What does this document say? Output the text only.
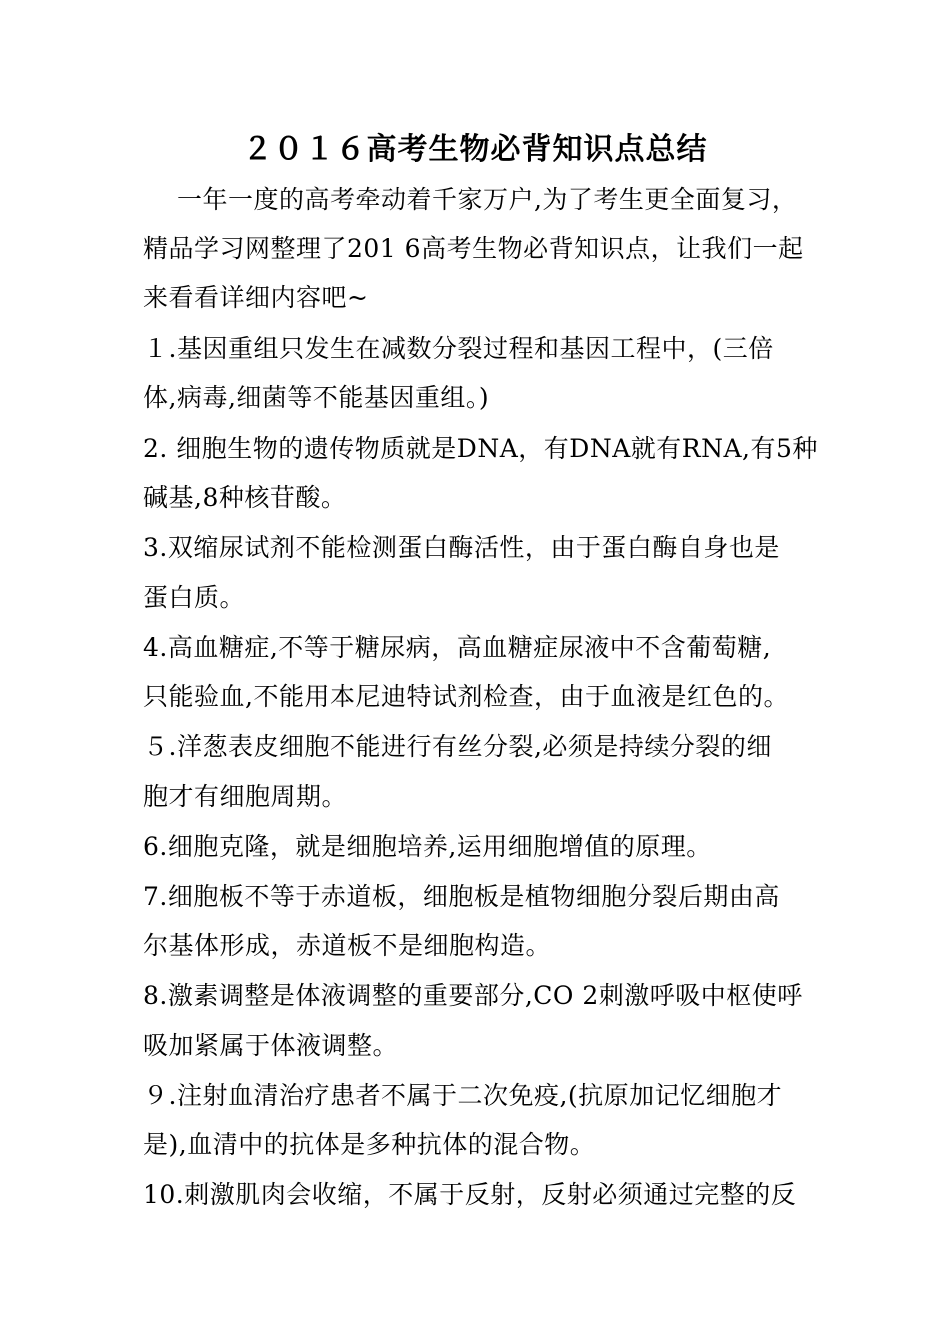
２０１６高考生物必背知识点总结
　 一年一度的高考牵动着千家万户,为了考生更全面复习，
精品学习网整理了201 6高考生物必背知识点，让我们一起
来看看详细内容吧~
１.基因重组只发生在减数分裂过程和基因工程中，(三倍
体,病毒,细菌等不能基因重组。)
2. 细胞生物的遗传物质就是DNA，有DNA就有RNA,有5种
碱基,8种核苷酸。
3.双缩尿试剂不能检测蛋白酶活性，由于蛋白酶自身也是
蛋白质。
4.高血糖症,不等于糖尿病，高血糖症尿液中不含葡萄糖,
只能验血,不能用本尼迪特试剂检查，由于血液是红色的。
５.洋葱表皮细胞不能进行有丝分裂,必须是持续分裂的细
胞才有细胞周期。
6.细胞克隆，就是细胞培养,运用细胞增值的原理。
7.细胞板不等于赤道板，细胞板是植物细胞分裂后期由高
尔基体形成，赤道板不是细胞构造。
8.激素调整是体液调整的重要部分,CO 2刺激呼吸中枢使呼
吸加紧属于体液调整。
９.注射血清治疗患者不属于二次免疫,(抗原加记忆细胞才
是),血清中的抗体是多种抗体的混合物。
10.刺激肌肉会收缩，不属于反射，反射必须通过完整的反
